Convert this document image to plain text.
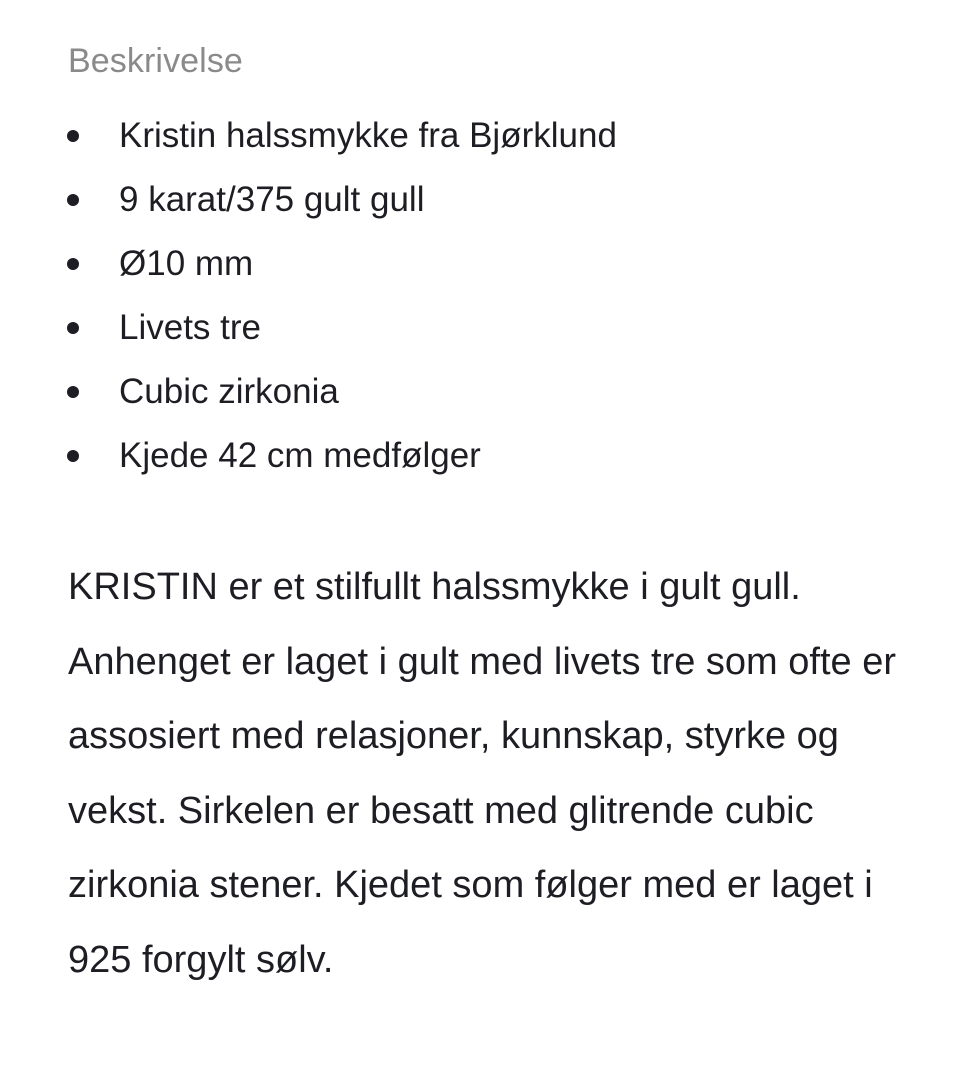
Beskrivelse
Kristin halssmykke fra Bjørklund
9 karat/375 gult gull
Ø10 mm
Livets tre
Cubic zirkonia
Kjede 42 cm medfølger

KRISTIN er et stilfullt halssmykke i gult gull. Anhenget er laget i gult med livets tre som ofte er assosiert med relasjoner, kunnskap, styrke og vekst. Sirkelen er besatt med glitrende cubic zirkonia stener. Kjedet som følger med er laget i 925 forgylt sølv.
